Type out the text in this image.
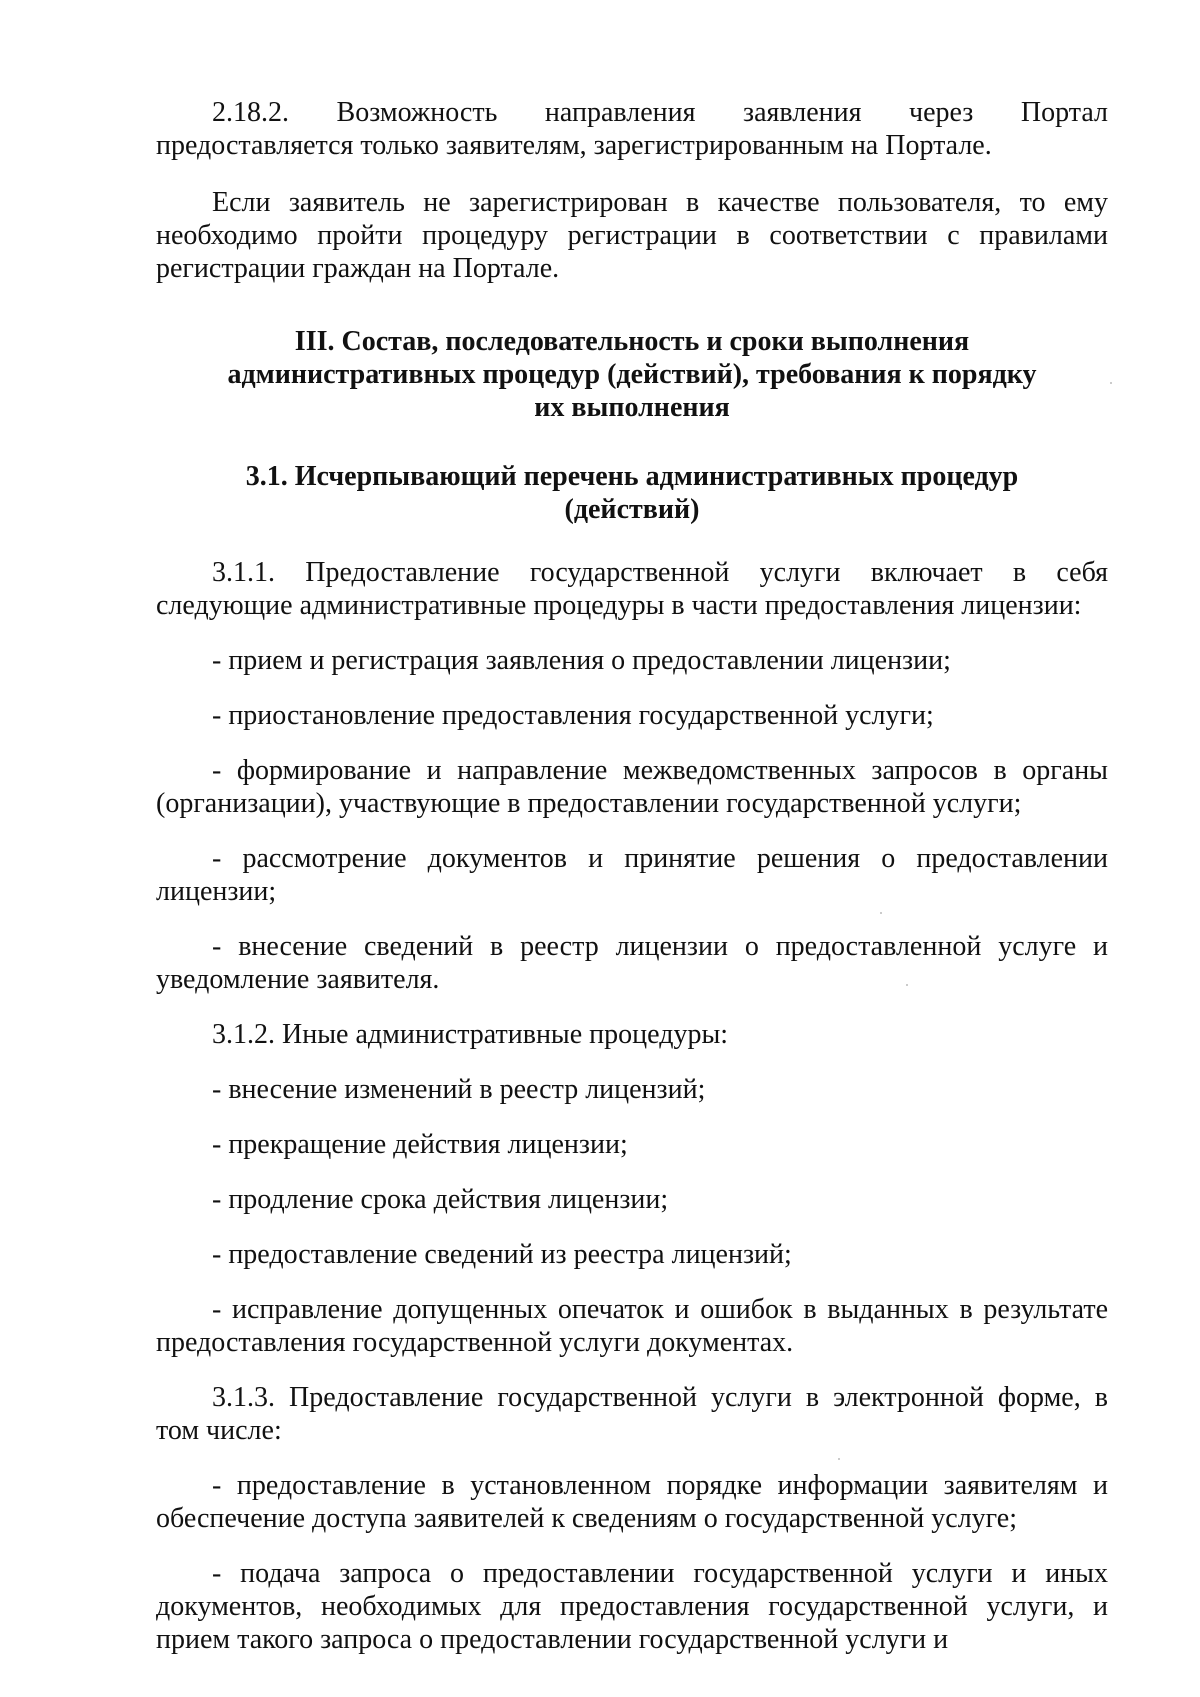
2.18.2. Возможность направления заявления через Портал предоставляется только заявителям, зарегистрированным на Портале.

Если заявитель не зарегистрирован в качестве пользователя, то ему необходимо пройти процедуру регистрации в соответствии с правилами регистрации граждан на Портале.

III. Состав, последовательность и сроки выполнения
административных процедур (действий), требования к порядку
их выполнения
3.1. Исчерпывающий перечень административных процедур
(действий)

3.1.1. Предоставление государственной услуги включает в себя следующие административные процедуры в части предоставления лицензии:

- прием и регистрация заявления о предоставлении лицензии;

- приостановление предоставления государственной услуги;

- формирование и направление межведомственных запросов в органы (организации), участвующие в предоставлении государственной услуги;

- рассмотрение документов и принятие решения о предоставлении лицензии;

- внесение сведений в реестр лицензии о предоставленной услуге и уведомление заявителя.

3.1.2. Иные административные процедуры:

- внесение изменений в реестр лицензий;

- прекращение действия лицензии;

- продление срока действия лицензии;

- предоставление сведений из реестра лицензий;

- исправление допущенных опечаток и ошибок в выданных в результате предоставления государственной услуги документах.

3.1.3. Предоставление государственной услуги в электронной форме, в том числе:

- предоставление в установленном порядке информации заявителям и обеспечение доступа заявителей к сведениям о государственной услуге;

- подача запроса о предоставлении государственной услуги и иных документов, необходимых для предоставления государственной услуги, и прием такого запроса о предоставлении государственной услуги и
